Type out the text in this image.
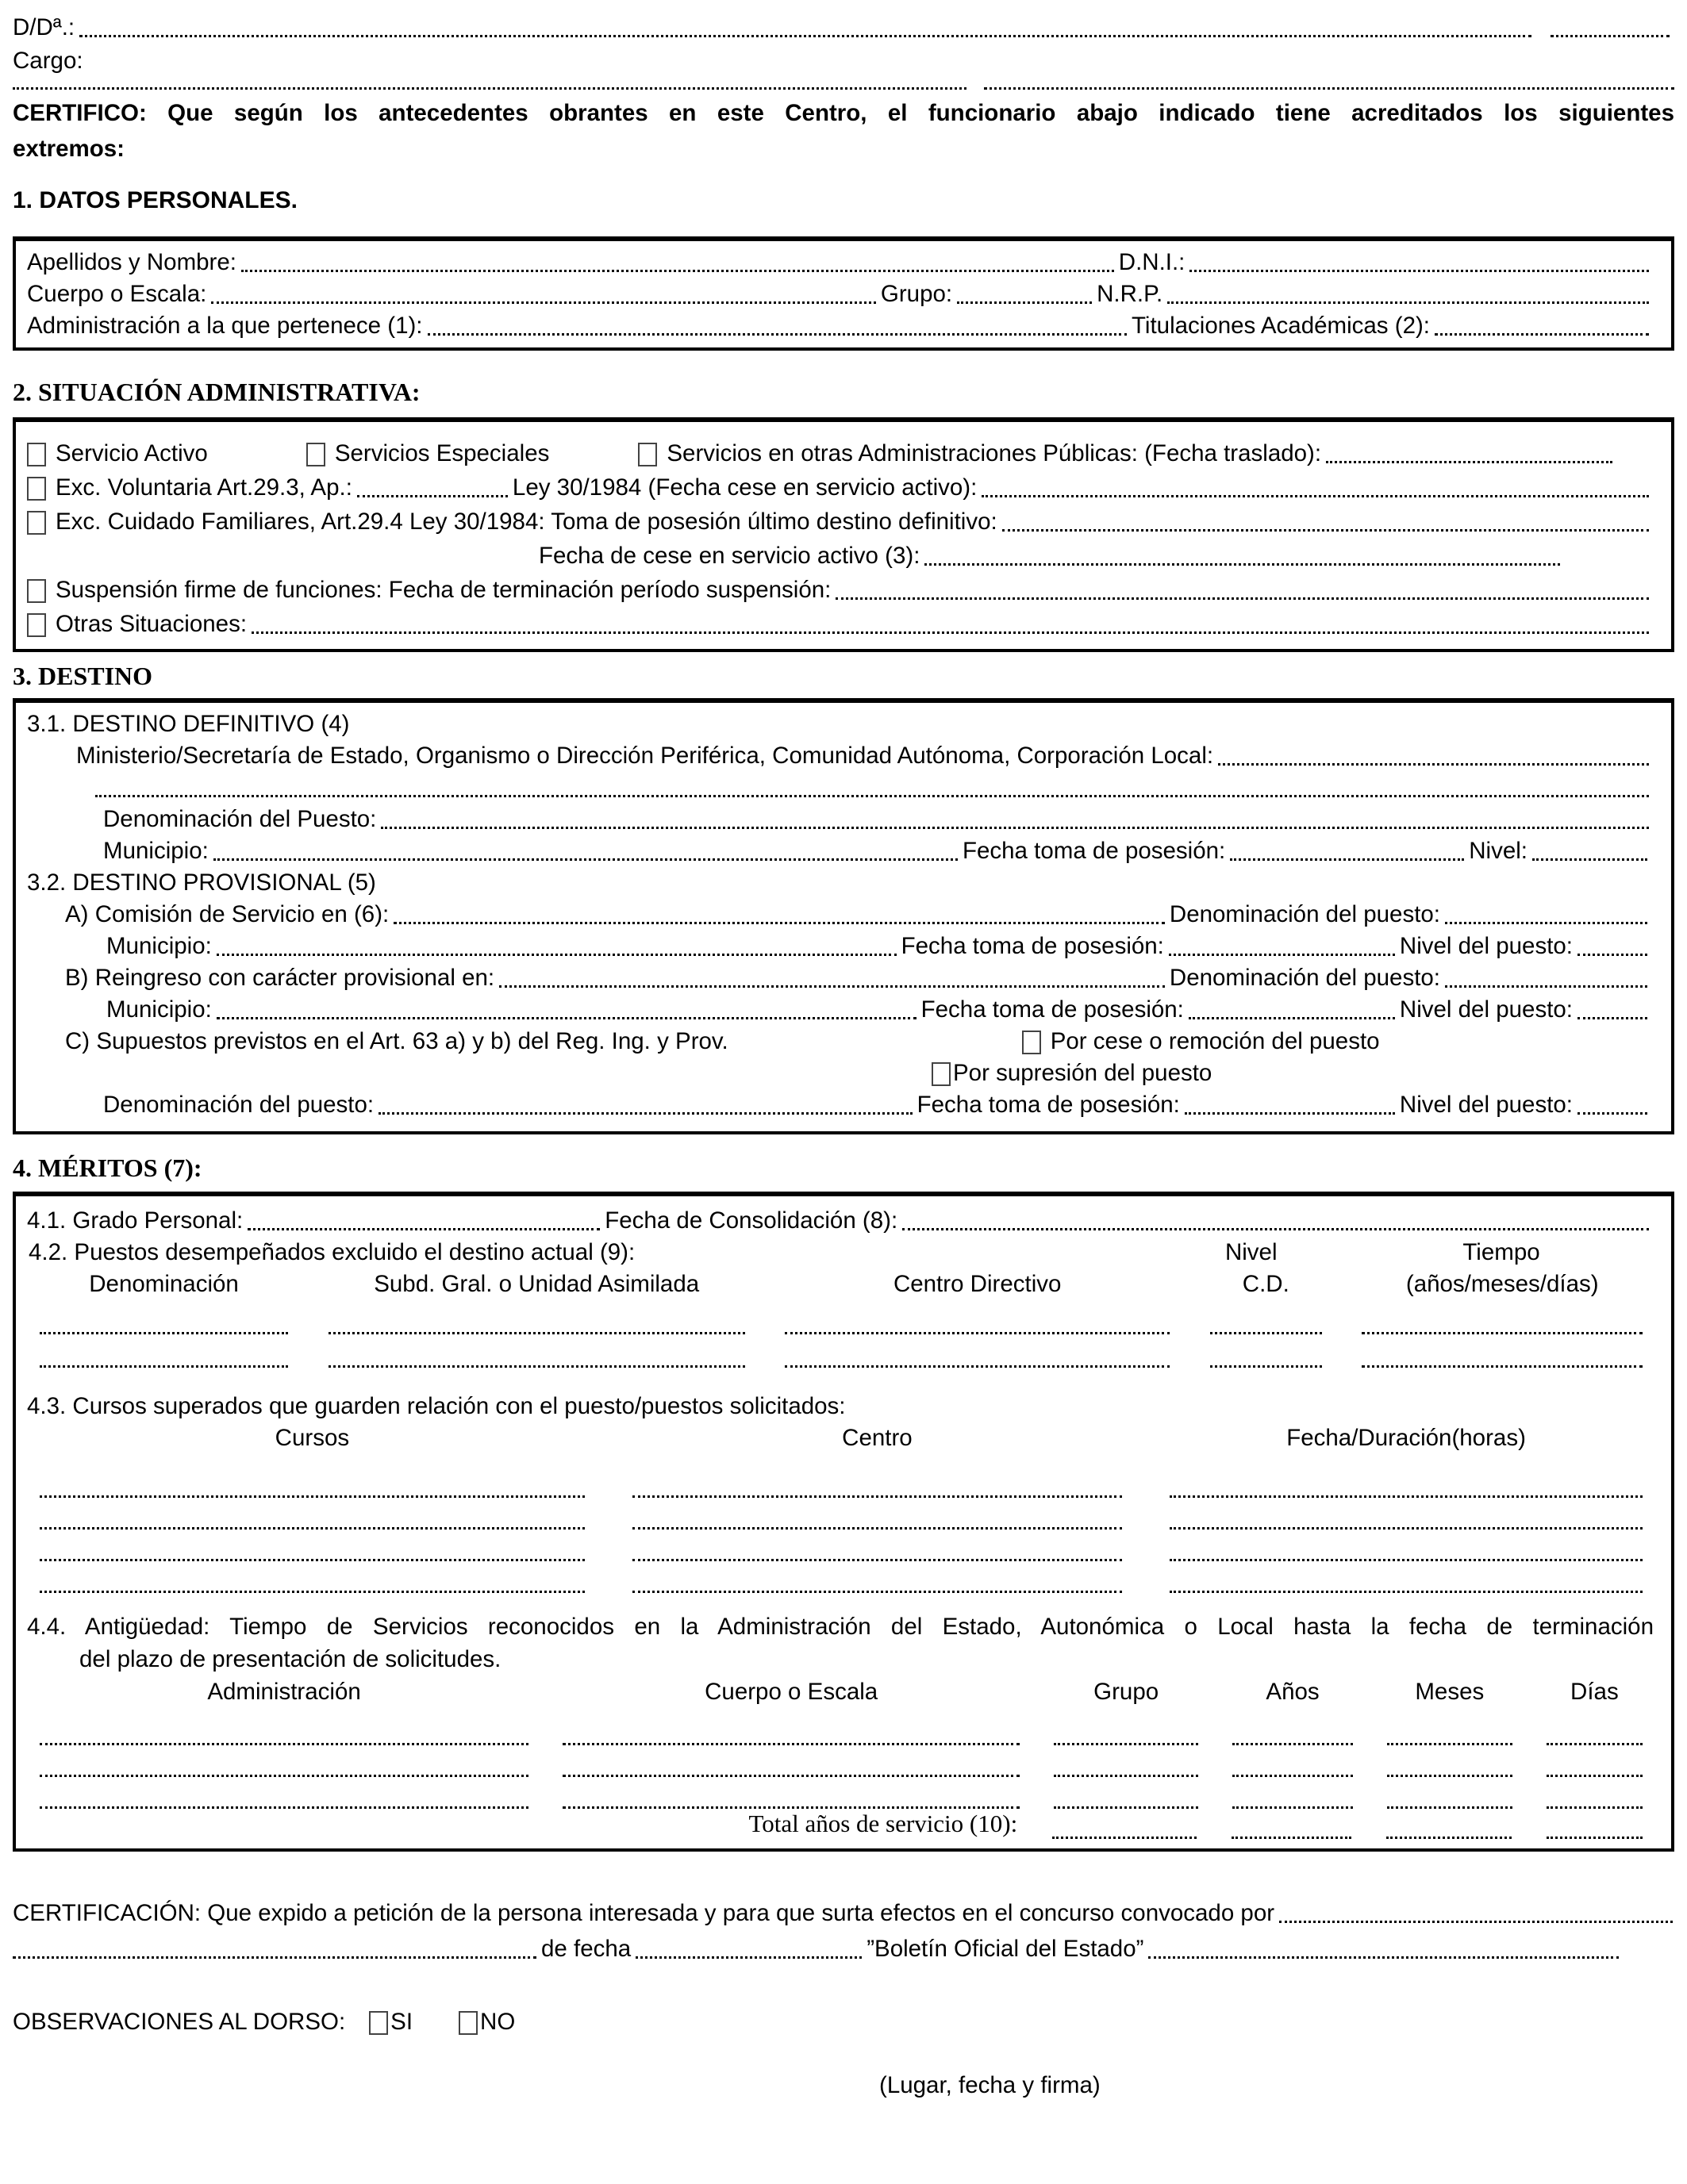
D/Dª.:
Cargo:

CERTIFICO: Que según los antecedentes obrantes en este Centro, el funcionario abajo indicado tiene acreditados los siguientes
extremos:

1. DATOS PERSONALES.
Apellidos y Nombre:	D.N.I.:
Cuerpo o Escala:	Grupo:	N.R.P.
Administración a la que pertenece (1):	Titulaciones Académicas (2):
2. SITUACIÓN ADMINISTRATIVA:
Servicio Activo	Servicios Especiales	Servicios en otras Administraciones Públicas: (Fecha traslado):
Exc. Voluntaria Art.29.3, Ap.:	Ley 30/1984 (Fecha cese en servicio activo):
Exc. Cuidado Familiares, Art.29.4 Ley 30/1984: Toma de posesión último destino definitivo:
Fecha de cese en servicio activo (3):
Suspensión firme de funciones: Fecha de terminación período suspensión:
Otras Situaciones:
3. DESTINO
3.1. DESTINO DEFINITIVO (4)
Ministerio/Secretaría de Estado, Organismo o Dirección Periférica, Comunidad Autónoma, Corporación Local:
Denominación del Puesto:
Municipio:	Fecha toma de posesión:	Nivel:
3.2. DESTINO PROVISIONAL (5)
A) Comisión de Servicio en (6):	Denominación del puesto:
Municipio:	Fecha toma de posesión:	Nivel del puesto:
B) Reingreso con carácter provisional en:	Denominación del puesto:
Municipio:	Fecha toma de posesión:	Nivel del puesto:
C) Supuestos previstos en el Art. 63 a) y b) del Reg. Ing. y Prov.	Por cese o remoción del puesto
Por supresión del puesto
Denominación del puesto:	Fecha toma de posesión:	Nivel del puesto:
4. MÉRITOS (7):
4.1. Grado Personal:	Fecha de Consolidación (8):
4.2. Puestos desempeñados excluido el destino actual (9):	Nivel	Tiempo
Denominación	Subd. Gral. o Unidad Asimilada	Centro Directivo	C.D.	(años/meses/días)
4.3. Cursos superados que guarden relación con el puesto/puestos solicitados:
Cursos	Centro	Fecha/Duración(horas)

4.4. Antigüedad: Tiempo de Servicios reconocidos en la Administración del Estado, Autonómica o Local hasta la fecha de terminación
del plazo de presentación de solicitudes.

Administración	Cuerpo o Escala	Grupo	Años	Meses	Días
Total años de servicio (10):
CERTIFICACIÓN: Que expido a petición de la persona interesada y para que surta efectos en el concurso convocado por
de fecha	”Boletín Oficial del Estado”
OBSERVACIONES AL DORSO: SI	NO
(Lugar, fecha y firma)
